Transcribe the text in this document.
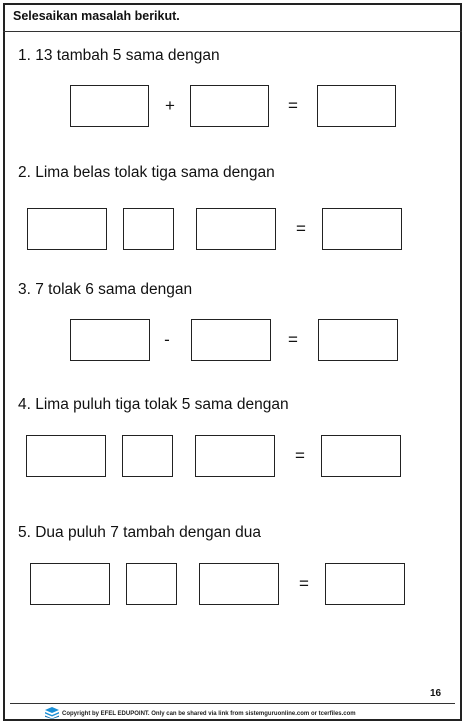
Selesaikan masalah berikut.
1. 13 tambah 5 sama dengan
+	=
2. Lima belas tolak tiga sama dengan
=
3. 7 tolak 6 sama dengan
-	=
4. Lima puluh tiga tolak 5 sama dengan
=
5. Dua puluh 7 tambah dengan dua
=
16
Copyright by EFEL EDUPOINT. Only can be shared via link from sistemguruonline.com or tcerfiles.com
